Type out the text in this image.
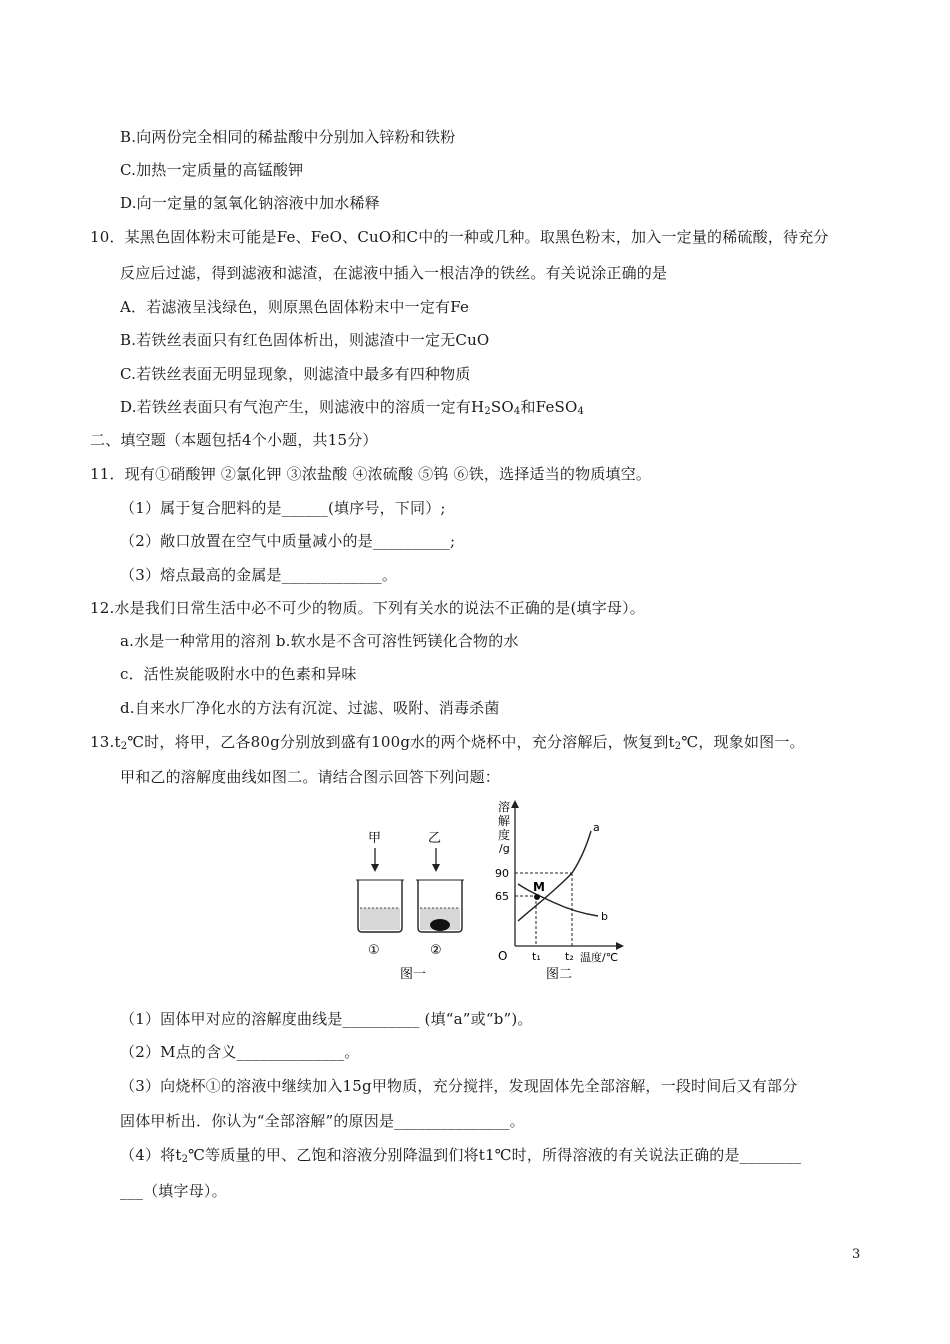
B.向两份完全相同的稀盐酸中分别加入锌粉和铁粉
C.加热一定质量的高锰酸钾
D.向一定量的氢氧化钠溶液中加水稀释
10．某黑色固体粉末可能是Fe、FeO、CuO和C中的一种或几种。取黑色粉末，加入一定量的稀硫酸，待充分
反应后过滤，得到滤液和滤渣，在滤液中插入一根洁净的铁丝。有关说涂正确的是
A．若滤液呈浅绿色，则原黑色固体粉末中一定有Fe
B.若铁丝表面只有红色固体析出，则滤渣中一定无CuO
C.若铁丝表面无明显现象，则滤渣中最多有四种物质
D.若铁丝表面只有气泡产生，则滤液中的溶质一定有$H_2SO_4$和FeSO$_4$
二、填空题（本题包括4个小题，共15分）
11．现有①硝酸钾 ②氯化钾 ③浓盐酸 ④浓硫酸 ⑤钨 ⑥铁，选择适当的物质填空。
（1）属于复合肥料的是______(填序号，下同）;
（2）敞口放置在空气中质量减小的是__________;
（3）熔点最高的金属是_____________。
12.水是我们日常生活中必不可少的物质。下列有关水的说法不正确的是(填字母）。
a.水是一种常用的溶剂 b.软水是不含可溶性钙镁化合物的水
c．活性炭能吸附水中的色素和异味
d.自来水厂净化水的方法有沉淀、过滤、吸附、消毒杀菌
$13.t_2℃$时，将甲，乙各80g分别放到盛有100g水的两个烧杯中，充分溶解后，恢复到$t_2℃$，现象如图一。
甲和乙的溶解度曲线如图二。请结合图示回答下列问题：
甲
①
乙
②
图一
溶
解
度
/g
90
65
O t₁ t₂ 温度/℃
a
b
M
图二
（1）固体甲对应的溶解度曲线是__________ (填“a”或“b”)。
（2）M点的含义______________。
（3）向烧杯①的溶液中继续加入15g甲物质，充分搅拌，发现固体先全部溶解，一段时间后又有部分
固体甲析出．你认为“全部溶解”的原因是_______________。
（4）将$t_2℃$等质量的甲、乙饱和溶液分别降温到们将t1℃时，所得溶液的有关说法正确的是________
___（填字母）。
3
